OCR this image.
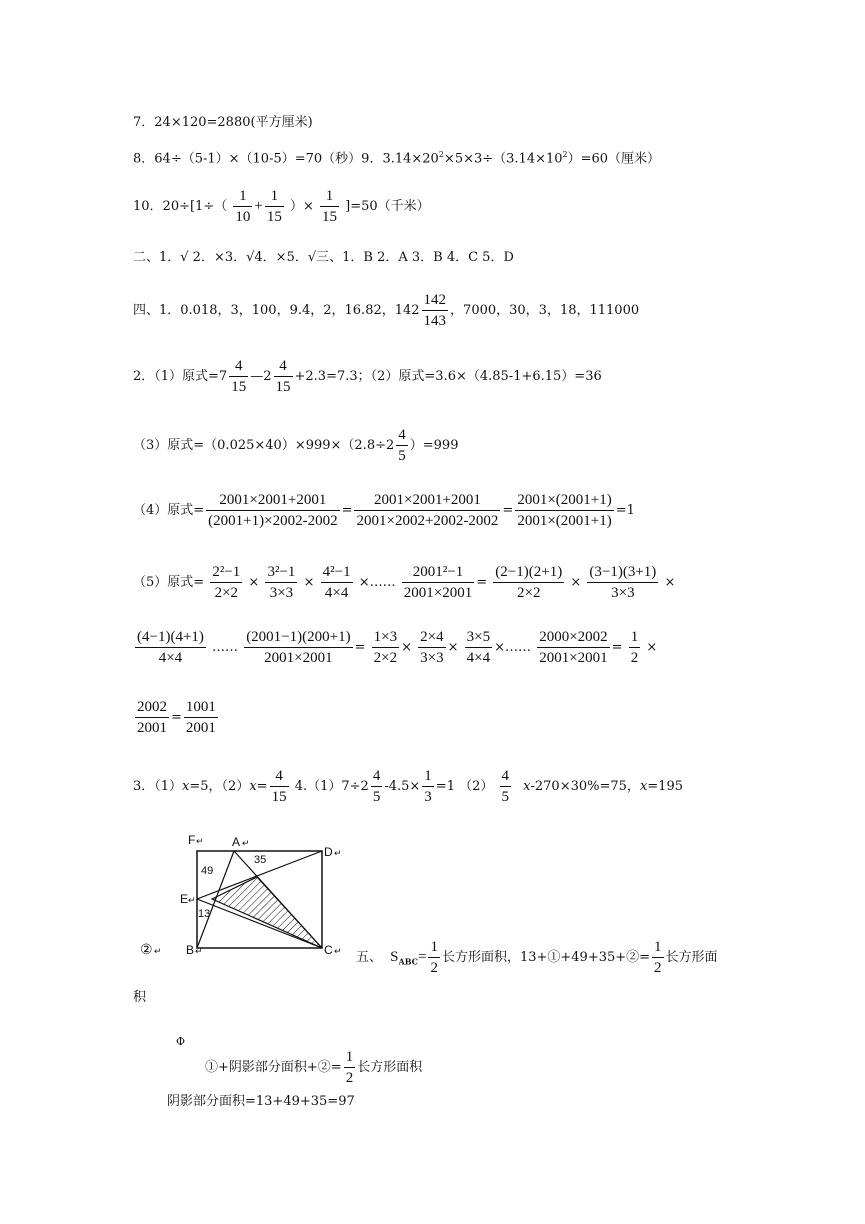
7．24×120=2880(平方厘米)
8．64÷（5-1）×（10-5）=70（秒）9．$3.14\times 20^2\times 5\times 3\div(3.14\times 10^2)=60$（厘米）
10．$20\div[1\div( \frac{1}{10} + \frac{1}{15}$ ）× $\frac{1}{15} ]=50$（千米）
二、1．√ 2．×3．√4．×5．√三、1．B 2．A 3．B 4．C 5．D
四、1．0.018，3，100，9.4，2，16.82，$142 \frac{142}{143}$ ，7000，30，3，18，111000
2．（1）原式$=7 \frac{4}{15}$ —2 $\frac{4}{15} +2.3=7.3$；（2）原式=3.6×（4.85-1+6.15）=36
（3）原式$=(0.025\times 40)\times 999\times(2.8\div 2 \frac{4}{5} )=999$
（4）原式= $\frac{2001\times 2001+2001}{(2001+1)\times 2002-2002} = \frac{2001\times 2001+2001}{2001\times 2002+2002-2002} = \frac{2001\times(2001+1)}{2001\times(2001+1)} =1$
（5）原式= $\frac{\text{2²−1}}{2\times 2} \times \frac{\text{3²−1}}{3\times 3} \times \frac{\text{4²−1}}{4\times 4}$ ×…… $\frac{\text{2001²−1}}{2001\times 2001} = \frac{(2-1)(2+1)}{2\times 2} \times \frac{(3-1)(3+1)}{3\times 3}$ ×
$\frac{(4-1)(4+1)}{4\times 4}$ …… $\frac{(2001-1)(200+1)}{2001\times 2001} = \frac{1\times 3}{2\times 2} \times \frac{2\times 4}{3\times 3} \times \frac{3\times 5}{4\times 4}$ ×…… $\frac{2000\times 2002}{2001\times 2001} = \frac{1}{2}$ ×
$\frac{2002}{2001} = \frac{1001}{2001}$
3．（1）x=5，$(2)x= \frac{4}{15} 4.(1)7\div 2 \frac{4}{5} -4.5\times \frac{1}{3} =1$ $(2) \frac{4}{5} x-270\times 30\%=75$，x=195
F ↵ A ↵
D ↵
E ↵
B ↵	C ↵
49
35
13
② ↵	五、 $S_{ABC}= \frac{1}{2}$ 长方形面积，13+①+49+35+②= $\frac{1}{2}$ 长方形面
积
Φ
①+阴影部分面积+②= $\frac{1}{2}$ 长方形面积
阴影部分面积=13+49+35=97
